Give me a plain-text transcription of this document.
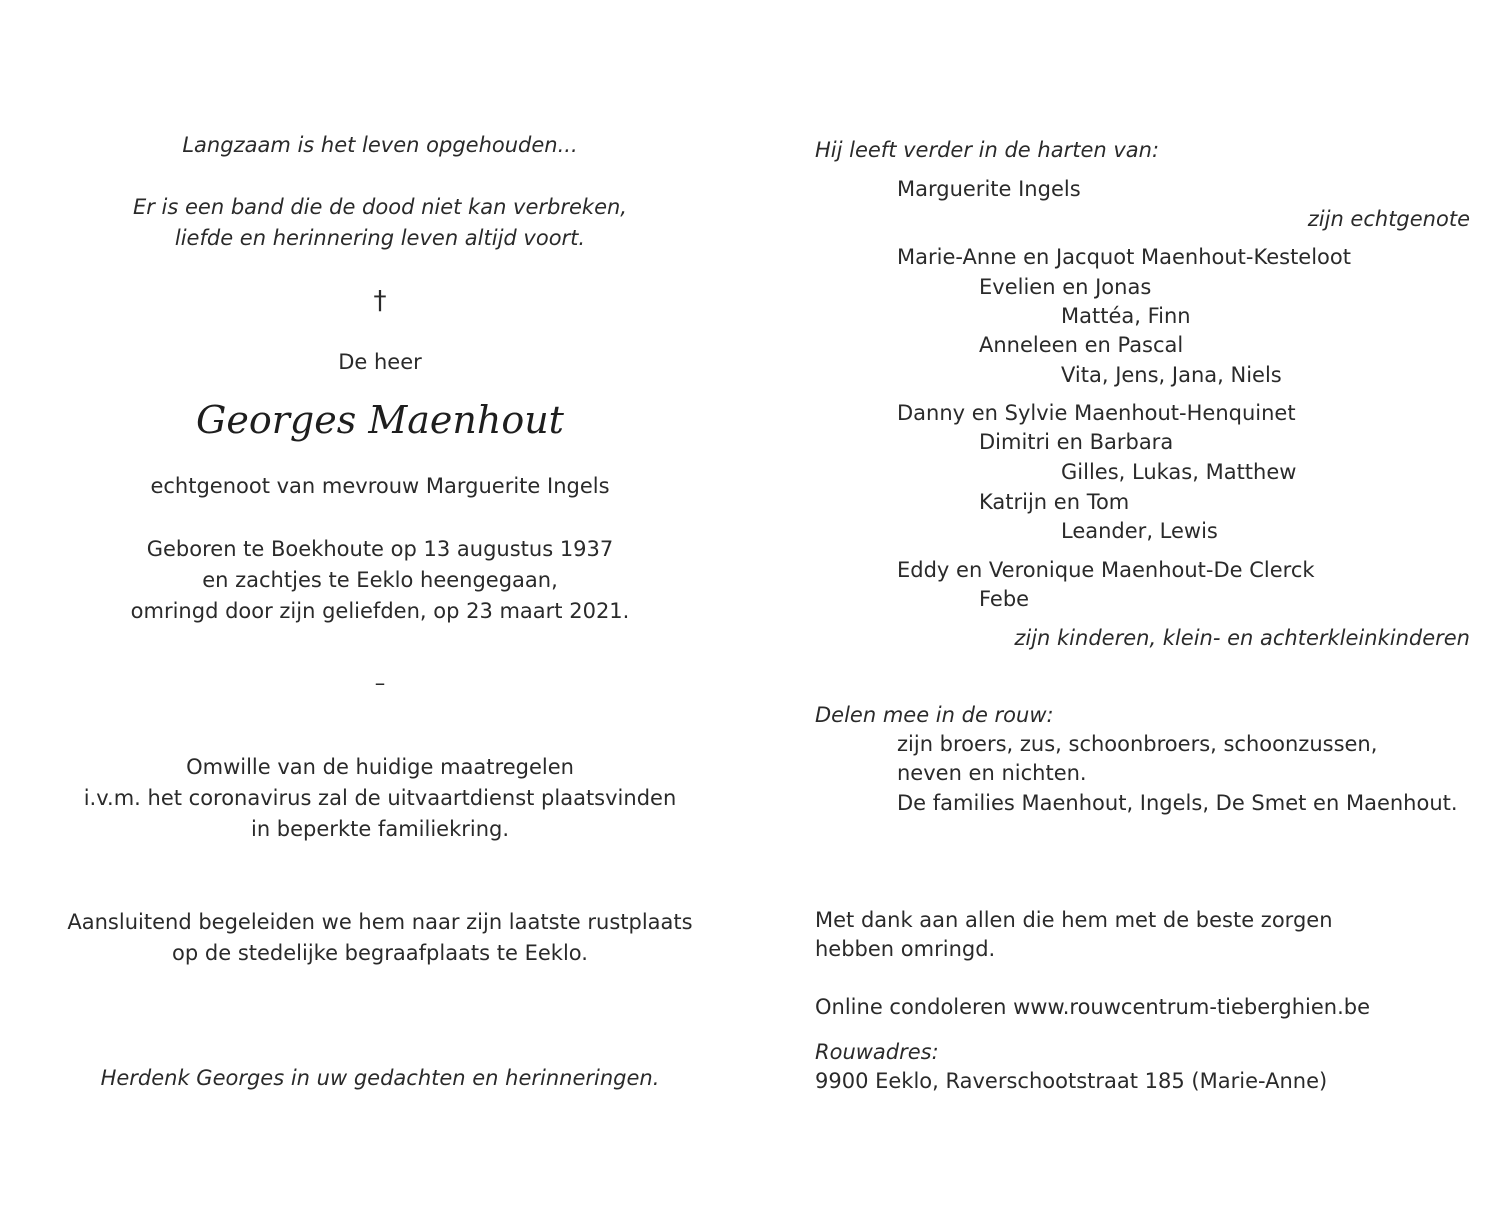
Langzaam is het leven opgehouden...
Er is een band die de dood niet kan verbreken,
liefde en herinnering leven altijd voort.
†
De heer
Georges Maenhout
echtgenoot van mevrouw Marguerite Ingels
Geboren te Boekhoute op 13 augustus 1937
en zachtjes te Eeklo heengegaan,
omringd door zijn geliefden, op 23 maart 2021.
–
Omwille van de huidige maatregelen
i.v.m. het coronavirus zal de uitvaartdienst plaatsvinden
in beperkte familiekring.
Aansluitend begeleiden we hem naar zijn laatste rustplaats
op de stedelijke begraafplaats te Eeklo.
Herdenk Georges in uw gedachten en herinneringen.
Hij leeft verder in de harten van:
Marguerite Ingels
zijn echtgenote
Marie-Anne en Jacquot Maenhout-Kesteloot
Evelien en Jonas
Mattéa, Finn
Anneleen en Pascal
Vita, Jens, Jana, Niels
Danny en Sylvie Maenhout-Henquinet
Dimitri en Barbara
Gilles, Lukas, Matthew
Katrijn en Tom
Leander, Lewis
Eddy en Veronique Maenhout-De Clerck
Febe
zijn kinderen, klein- en achterkleinkinderen
Delen mee in de rouw:
zijn broers, zus, schoonbroers, schoonzussen,
neven en nichten.
De families Maenhout, Ingels, De Smet en Maenhout.
Met dank aan allen die hem met de beste zorgen
hebben omringd.
Online condoleren www.rouwcentrum-tieberghien.be
Rouwadres:
9900 Eeklo, Raverschootstraat 185 (Marie-Anne)
